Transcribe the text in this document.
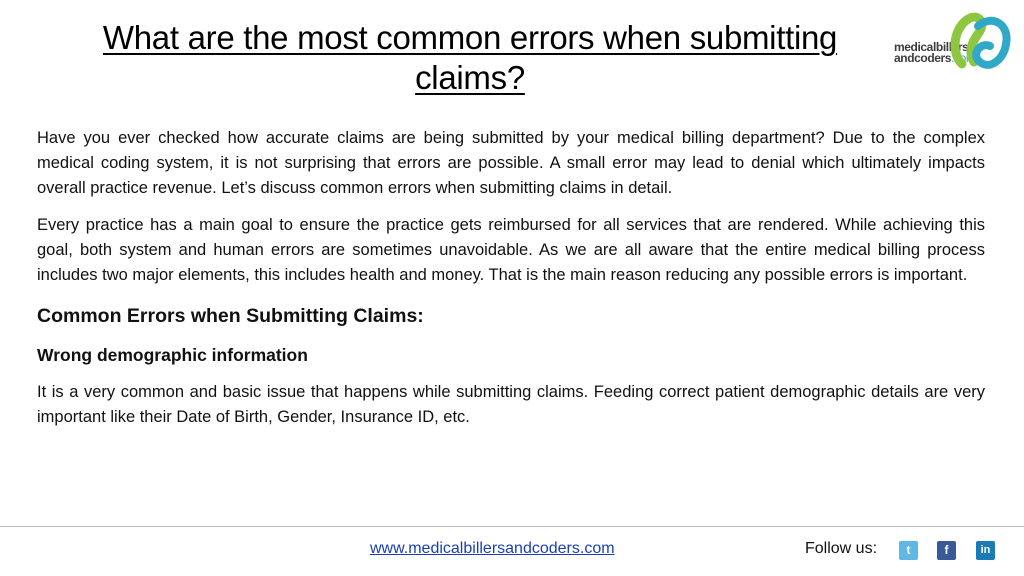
What are the most common errors when submitting claims?
medicalbillers
andcoders.com

Have you ever checked how accurate claims are being submitted by your medical billing department? Due to the complex medical coding system, it is not surprising that errors are possible. A small error may lead to denial which ultimately impacts overall practice revenue. Let’s discuss common errors when submitting claims in detail.

Every practice has a main goal to ensure the practice gets reimbursed for all services that are rendered. While achieving this goal, both system and human errors are sometimes unavoidable. As we are all aware that the entire medical billing process includes two major elements, this includes health and money. That is the main reason reducing any possible errors is important.

Common Errors when Submitting Claims:
Wrong demographic information

It is a very common and basic issue that happens while submitting claims. Feeding correct patient demographic details are very important like their Date of Birth, Gender, Insurance ID, etc.

www.medicalbillersandcoders.com	Follow us:	t	f	in
